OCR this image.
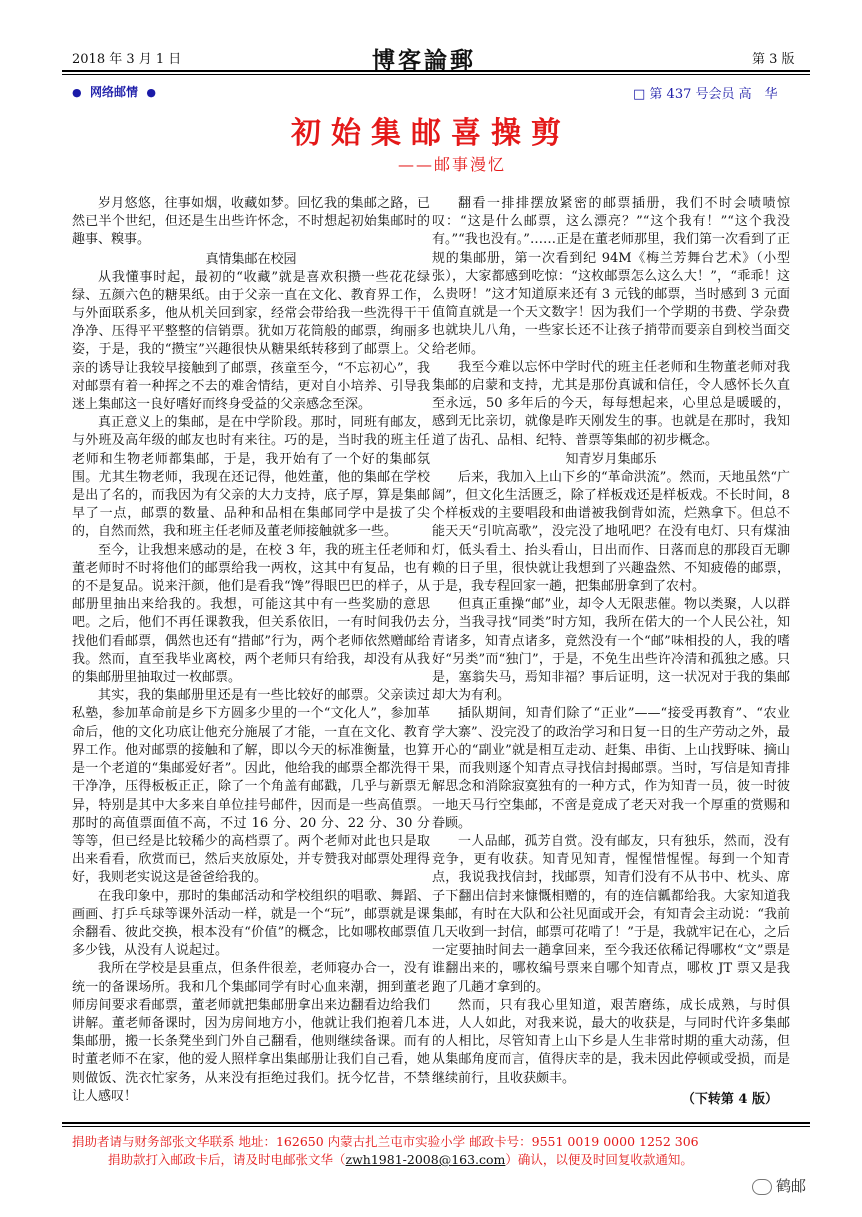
2018 年 3 月 1 日	博客論郵	第 3 版
● 网络邮情 ●	□ 第 437 号会员 高　华
初始集邮喜操剪
——邮事漫忆

岁月悠悠，往事如烟，收藏如梦。回忆我的集邮之路，已然已半个世纪，但还是生出些许怀念，不时想起初始集邮时的趣事、糗事。

真情集邮在校园

从我懂事时起，最初的“收藏”就是喜欢积攒一些花花绿绿、五颜六色的糖果纸。由于父亲一直在文化、教育界工作，与外面联系多，他从机关回到家，经常会带给我一些洗得干干净净、压得平平整整的信销票。犹如万花筒般的邮票，绚丽多姿，于是，我的“攒宝”兴趣很快从糖果纸转移到了邮票上。父亲的诱导让我较早接触到了邮票，孩童至今，“不忘初心”，我对邮票有着一种挥之不去的难舍情结，更对自小培养、引导我迷上集邮这一良好嗜好而终身受益的父亲感念至深。

真正意义上的集邮，是在中学阶段。那时，同班有邮友，与外班及高年级的邮友也时有来往。巧的是，当时我的班主任老师和生物老师都集邮，于是，我开始有了一个好的集邮氛围。尤其生物老师，我现在还记得，他姓董，他的集邮在学校是出了名的，而我因为有父亲的大力支持，底子厚，算是集邮早了一点，邮票的数量、品种和品相在集邮同学中是拔了尖的，自然而然，我和班主任老师及董老师接触就多一些。

至今，让我想来感动的是，在校 3 年，我的班主任老师和董老师时不时将他们的邮票给我一两枚，这其中有复品，也有的不是复品。说来汗颜，他们是看我“馋”得眼巴巴的样子，从邮册里抽出来给我的。我想，可能这其中有一些奖励的意思吧。之后，他们不再任课教我，但关系依旧，一有时间我仍去找他们看邮票，偶然也还有“措邮”行为，两个老师依然赠邮给我。然而，直至我毕业离校，两个老师只有给我，却没有从我的集邮册里抽取过一枚邮票。

其实，我的集邮册里还是有一些比较好的邮票。父亲读过私塾，参加革命前是乡下方圆多少里的一个“文化人”，参加革命后，他的文化功底让他充分施展了才能，一直在文化、教育界工作。他对邮票的接触和了解，即以今天的标准衡量，也算是一个老道的“集邮爱好者”。因此，他给我的邮票全都洗得干干净净，压得板板正正，除了一个角盖有邮戳，几乎与新票无异，特别是其中大多来自单位挂号邮件，因而是一些高值票。那时的高值票面值不高，不过 16 分、20 分、22 分、30 分等等，但已经是比较稀少的高档票了。两个老师对此也只是取出来看看，欣赏而已，然后夹放原处，并专赞我对邮票处理得好，我则老实说这是爸爸给我的。

在我印象中，那时的集邮活动和学校组织的唱歌、舞蹈、画画、打乒乓球等课外活动一样，就是一个“玩”，邮票就是课余翻看、彼此交换，根本没有“价值”的概念，比如哪枚邮票值多少钱，从没有人说起过。

我所在学校是县重点，但条件很差，老师寝办合一，没有统一的备课场所。我和几个集邮同学有时心血来潮，拥到董老师房间要求看邮票，董老师就把集邮册拿出来边翻看边给我们讲解。董老师备课时，因为房间地方小，他就让我们抱着几本集邮册，搬一长条凳坐到门外自己翻看，他则继续备课。而有时董老师不在家，他的爱人照样拿出集邮册让我们自己看，她则做饭、洗衣忙家务，从来没有拒绝过我们。抚今忆昔，不禁让人感叹！

翻看一排排摆放紧密的邮票插册，我们不时会啧啧惊叹：“这是什么邮票，这么漂亮？”“这个我有！”“这个我没有。”“我也没有。”……正是在董老师那里，我们第一次看到了正规的集邮册，第一次看到纪 94M《梅兰芳舞台艺术》（小型张），大家都感到吃惊：“这枚邮票怎么这么大！”，“乖乖！这么贵呀！”这才知道原来还有 3 元钱的邮票，当时感到 3 元面值简直就是一个天文数字！因为我们一个学期的书费、学杂费也就块儿八角，一些家长还不让孩子捎带而要亲自到校当面交给老师。

我至今难以忘怀中学时代的班主任老师和生物董老师对我集邮的启蒙和支持，尤其是那份真诚和信任，令人感怀长久直至永远，50 多年后的今天，每每想起来，心里总是暖暖的，感到无比亲切，就像是昨天刚发生的事。也就是在那时，我知道了齿孔、品相、纪特、普票等集邮的初步概念。

知青岁月集邮乐

后来，我加入上山下乡的“革命洪流”。然而，天地虽然“广阔”，但文化生活匮乏，除了样板戏还是样板戏。不长时间，8 个样板戏的主要唱段和曲谱被我倒背如流，烂熟拿下。但总不能天天“引吭高歌”，没完没了地吼吧？在没有电灯、只有煤油灯，低头看土、抬头看山，日出而作、日落而息的那段百无聊赖的日子里，很快就让我想到了兴趣盎然、不知疲倦的邮票，于是，我专程回家一趟，把集邮册拿到了农村。

但真正重操“邮”业，却令人无限悲催。物以类聚，人以群分，当我寻找“同类”时方知，我所在偌大的一个人民公社，知青诸多，知青点诸多，竟然没有一个“邮”味相投的人，我的嗜好“另类”而“独门”，于是，不免生出些许冷清和孤独之感。只是，塞翁失马，焉知非福？事后证明，这一状况对于我的集邮却大为有利。

插队期间，知青们除了“正业”——“接受再教育”、“农业学大寨”、没完没了的政治学习和日复一日的生产劳动之外，最开心的“副业”就是相互走动、赶集、串街、上山找野味、摘山果，而我则逐个知青点寻找信封揭邮票。当时，写信是知青排解思念和消除寂寞独有的一种方式，作为知青一员，彼一时彼一地天马行空集邮，不啻是竟成了老天对我一个厚重的赏赐和眷顾。

一人品邮，孤芳自赏。没有邮友，只有独乐，然而，没有竞争，更有收获。知青见知青，惺惺惜惺惺。每到一个知青点，我说我找信封，找邮票，知青们没有不从书中、枕头、席子下翻出信封来慷慨相赠的，有的连信瓤都给我。大家知道我集邮，有时在大队和公社见面或开会，有知青会主动说：“我前几天收到一封信，邮票可花啃了！”于是，我就牢记在心，之后一定要抽时间去一趟拿回来，至今我还依稀记得哪枚“文”票是谁翻出来的，哪枚编号票来自哪个知青点，哪枚 JT 票又是我跑了几趟才拿到的。

然而，只有我心里知道，艰苦磨练，成长成熟，与时俱进，人人如此，对我来说，最大的收获是，与同时代许多集邮的人相比，尽管知青上山下乡是人生非常时期的重大动荡，但从集邮角度而言，值得庆幸的是，我未因此停顿或受损，而是继续前行，且收获颇丰。

（下转第 4 版）
捐助者请与财务部张文华联系 地址：162650 内蒙古扎兰屯市实验小学 邮政卡号：9551 0019 0000 1252 306
捐助款打入邮政卡后，请及时电邮张文华（zwh1981-2008@163.com）确认，以便及时回复收款通知。
鹤邮
